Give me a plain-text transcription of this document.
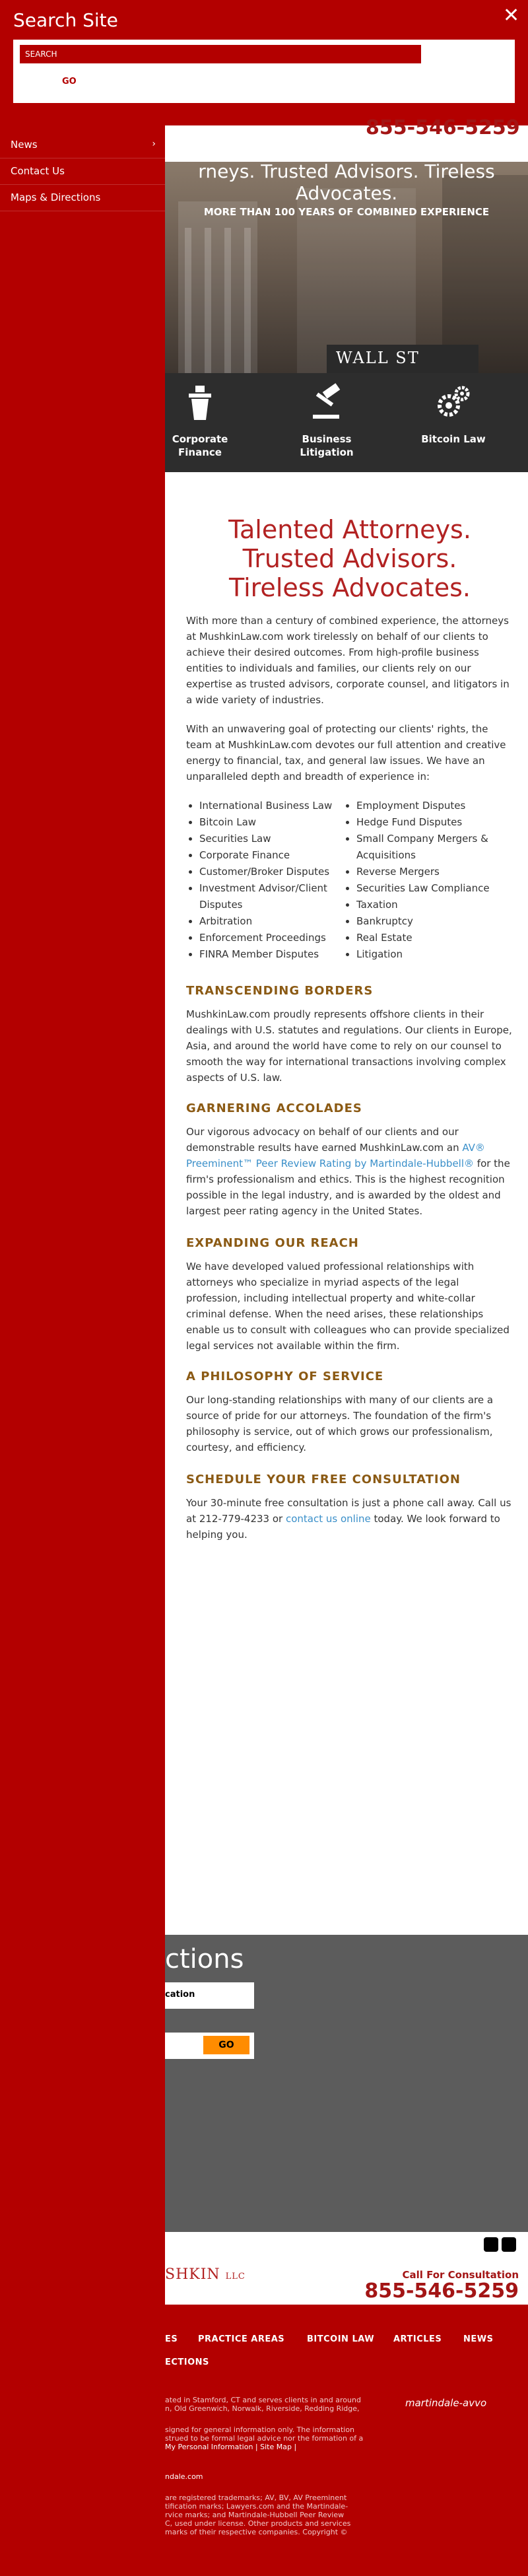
Search Site	✕
SEARCH
GO
News	›
Contact Us
Maps & Directions
855-546-5259
rneys. Trusted Advisors. Tireless
Advocates.
MORE THAN 100 YEARS OF COMBINED EXPERIENCE
WALL ST
Corporate
Finance
Business
Litigation
Bitcoin Law
Talented Attorneys.
Trusted Advisors.
Tireless Advocates.
With more than a century of combined experience, the attorneys at MushkinLaw.com work tirelessly on behalf of our clients to achieve their desired outcomes. From high-profile business entities to individuals and families, our clients rely on our expertise as trusted advisors, corporate counsel, and litigators in a wide variety of industries.
With an unwavering goal of protecting our clients' rights, the team at MushkinLaw.com devotes our full attention and creative energy to financial, tax, and general law issues. We have an unparalleled depth and breadth of experience in:
• International Business Law
• Bitcoin Law
• Securities Law
• Corporate Finance
• Customer/Broker Disputes
• Investment Advisor/Client Disputes
• Arbitration
• Enforcement Proceedings
• FINRA Member Disputes
• Employment Disputes
• Hedge Fund Disputes
• Small Company Mergers & Acquisitions
• Reverse Mergers
• Securities Law Compliance
• Taxation
• Bankruptcy
• Real Estate
• Litigation
TRANSCENDING BORDERS
MushkinLaw.com proudly represents offshore clients in their dealings with U.S. statutes and regulations. Our clients in Europe, Asia, and around the world have come to rely on our counsel to smooth the way for international transactions involving complex aspects of U.S. law.
GARNERING ACCOLADES
Our vigorous advocacy on behalf of our clients and our demonstrable results have earned MushkinLaw.com an AV® Preeminent™ Peer Review Rating by Martindale-Hubbell® for the firm's professionalism and ethics. This is the highest recognition possible in the legal industry, and is awarded by the oldest and largest peer rating agency in the United States.
EXPANDING OUR REACH
We have developed valued professional relationships with attorneys who specialize in myriad aspects of the legal profession, including intellectual property and white-collar criminal defense. When the need arises, these relationships enable us to consult with colleagues who can provide specialized legal services not available within the firm.
A PHILOSOPHY OF SERVICE
Our long-standing relationships with many of our clients are a source of pride for our attorneys. The foundation of the firm's philosophy is service, out of which grows our professionalism, courtesy, and efficiency.
SCHEDULE YOUR FREE CONSULTATION
Your 30-minute free consultation is just a phone call away. Call us at 212-779-4233 or contact us online today. We look forward to helping you.
ctions
cation
GO
SHKIN LLC	Call For Consultation
855-546-5259
ES PRACTICE AREAS	BITCOIN LAW ARTICLES	NEWS
ECTIONS
ated in Stamford, CT and serves clients in and around
n, Old Greenwich, Norwalk, Riverside, Redding Ridge,
signed for general information only. The information
strued to be formal legal advice nor the formation of a
My Personal Information | Site Map |
ndale.com
are registered trademarks; AV, BV, AV Preeminent
tification marks; Lawyers.com and the Martindale-
rvice marks; and Martindale-Hubbell Peer Review
C, used under license. Other products and services
marks of their respective companies. Copyright ©
martindale-avvo
